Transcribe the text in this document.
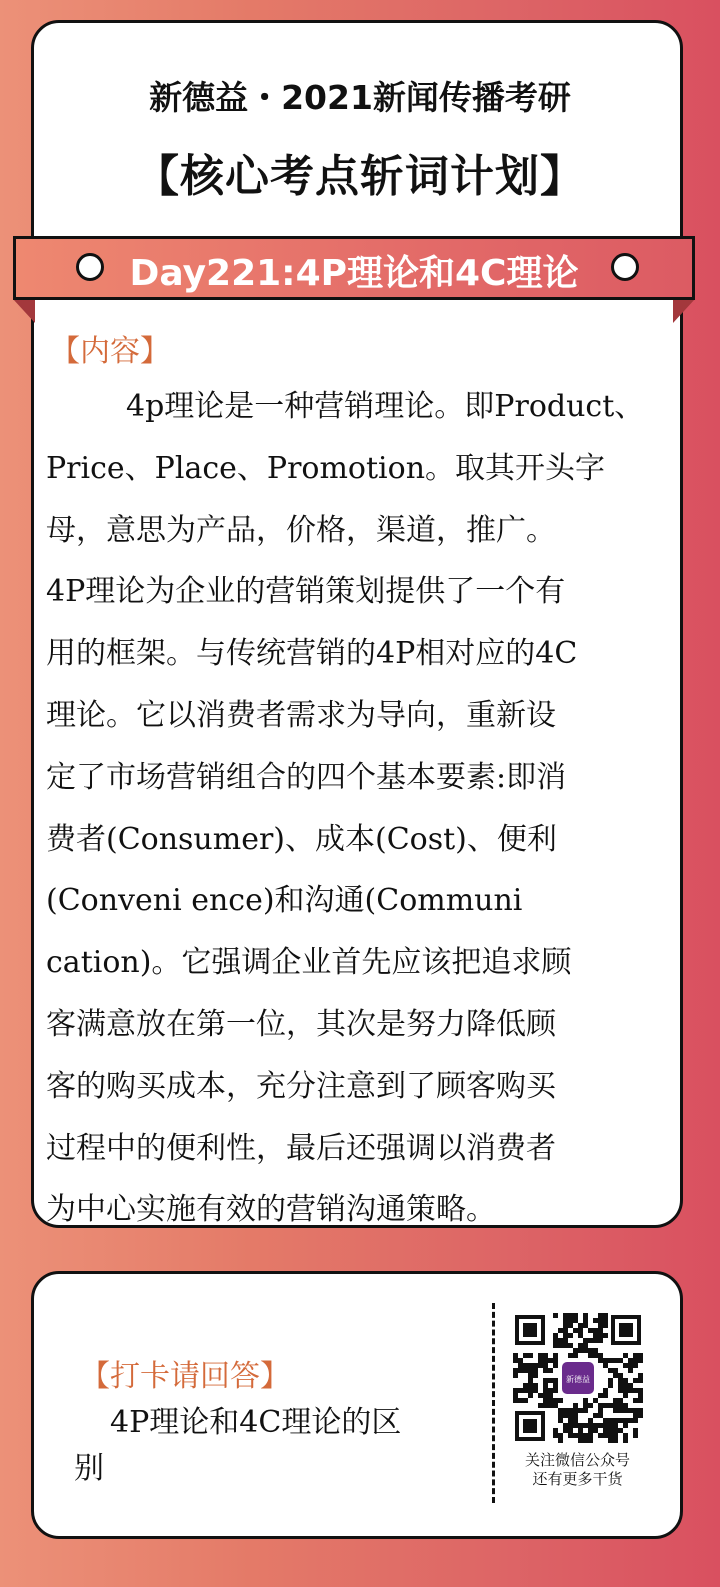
新德益・2021新闻传播考研
【核心考点斩词计划】
Day221:4P理论和4C理论
【内容】
4p理论是一种营销理论。即Product、
Price、Place、Promotion。取其开头字
母，意思为产品，价格，渠道，推广。
4P理论为企业的营销策划提供了一个有
用的框架。与传统营销的4P相对应的4C
理论。它以消费者需求为导向，重新设
定了市场营销组合的四个基本要素:即消
费者(Consumer)、成本(Cost)、便利
(Conveni ence)和沟通(Communi
cation)。它强调企业首先应该把追求顾
客满意放在第一位，其次是努力降低顾
客的购买成本，充分注意到了顾客购买
过程中的便利性，最后还强调以消费者
为中心实施有效的营销沟通策略。
【打卡请回答】
4P理论和4C理论的区
别
新德益
关注微信公众号
还有更多干货
